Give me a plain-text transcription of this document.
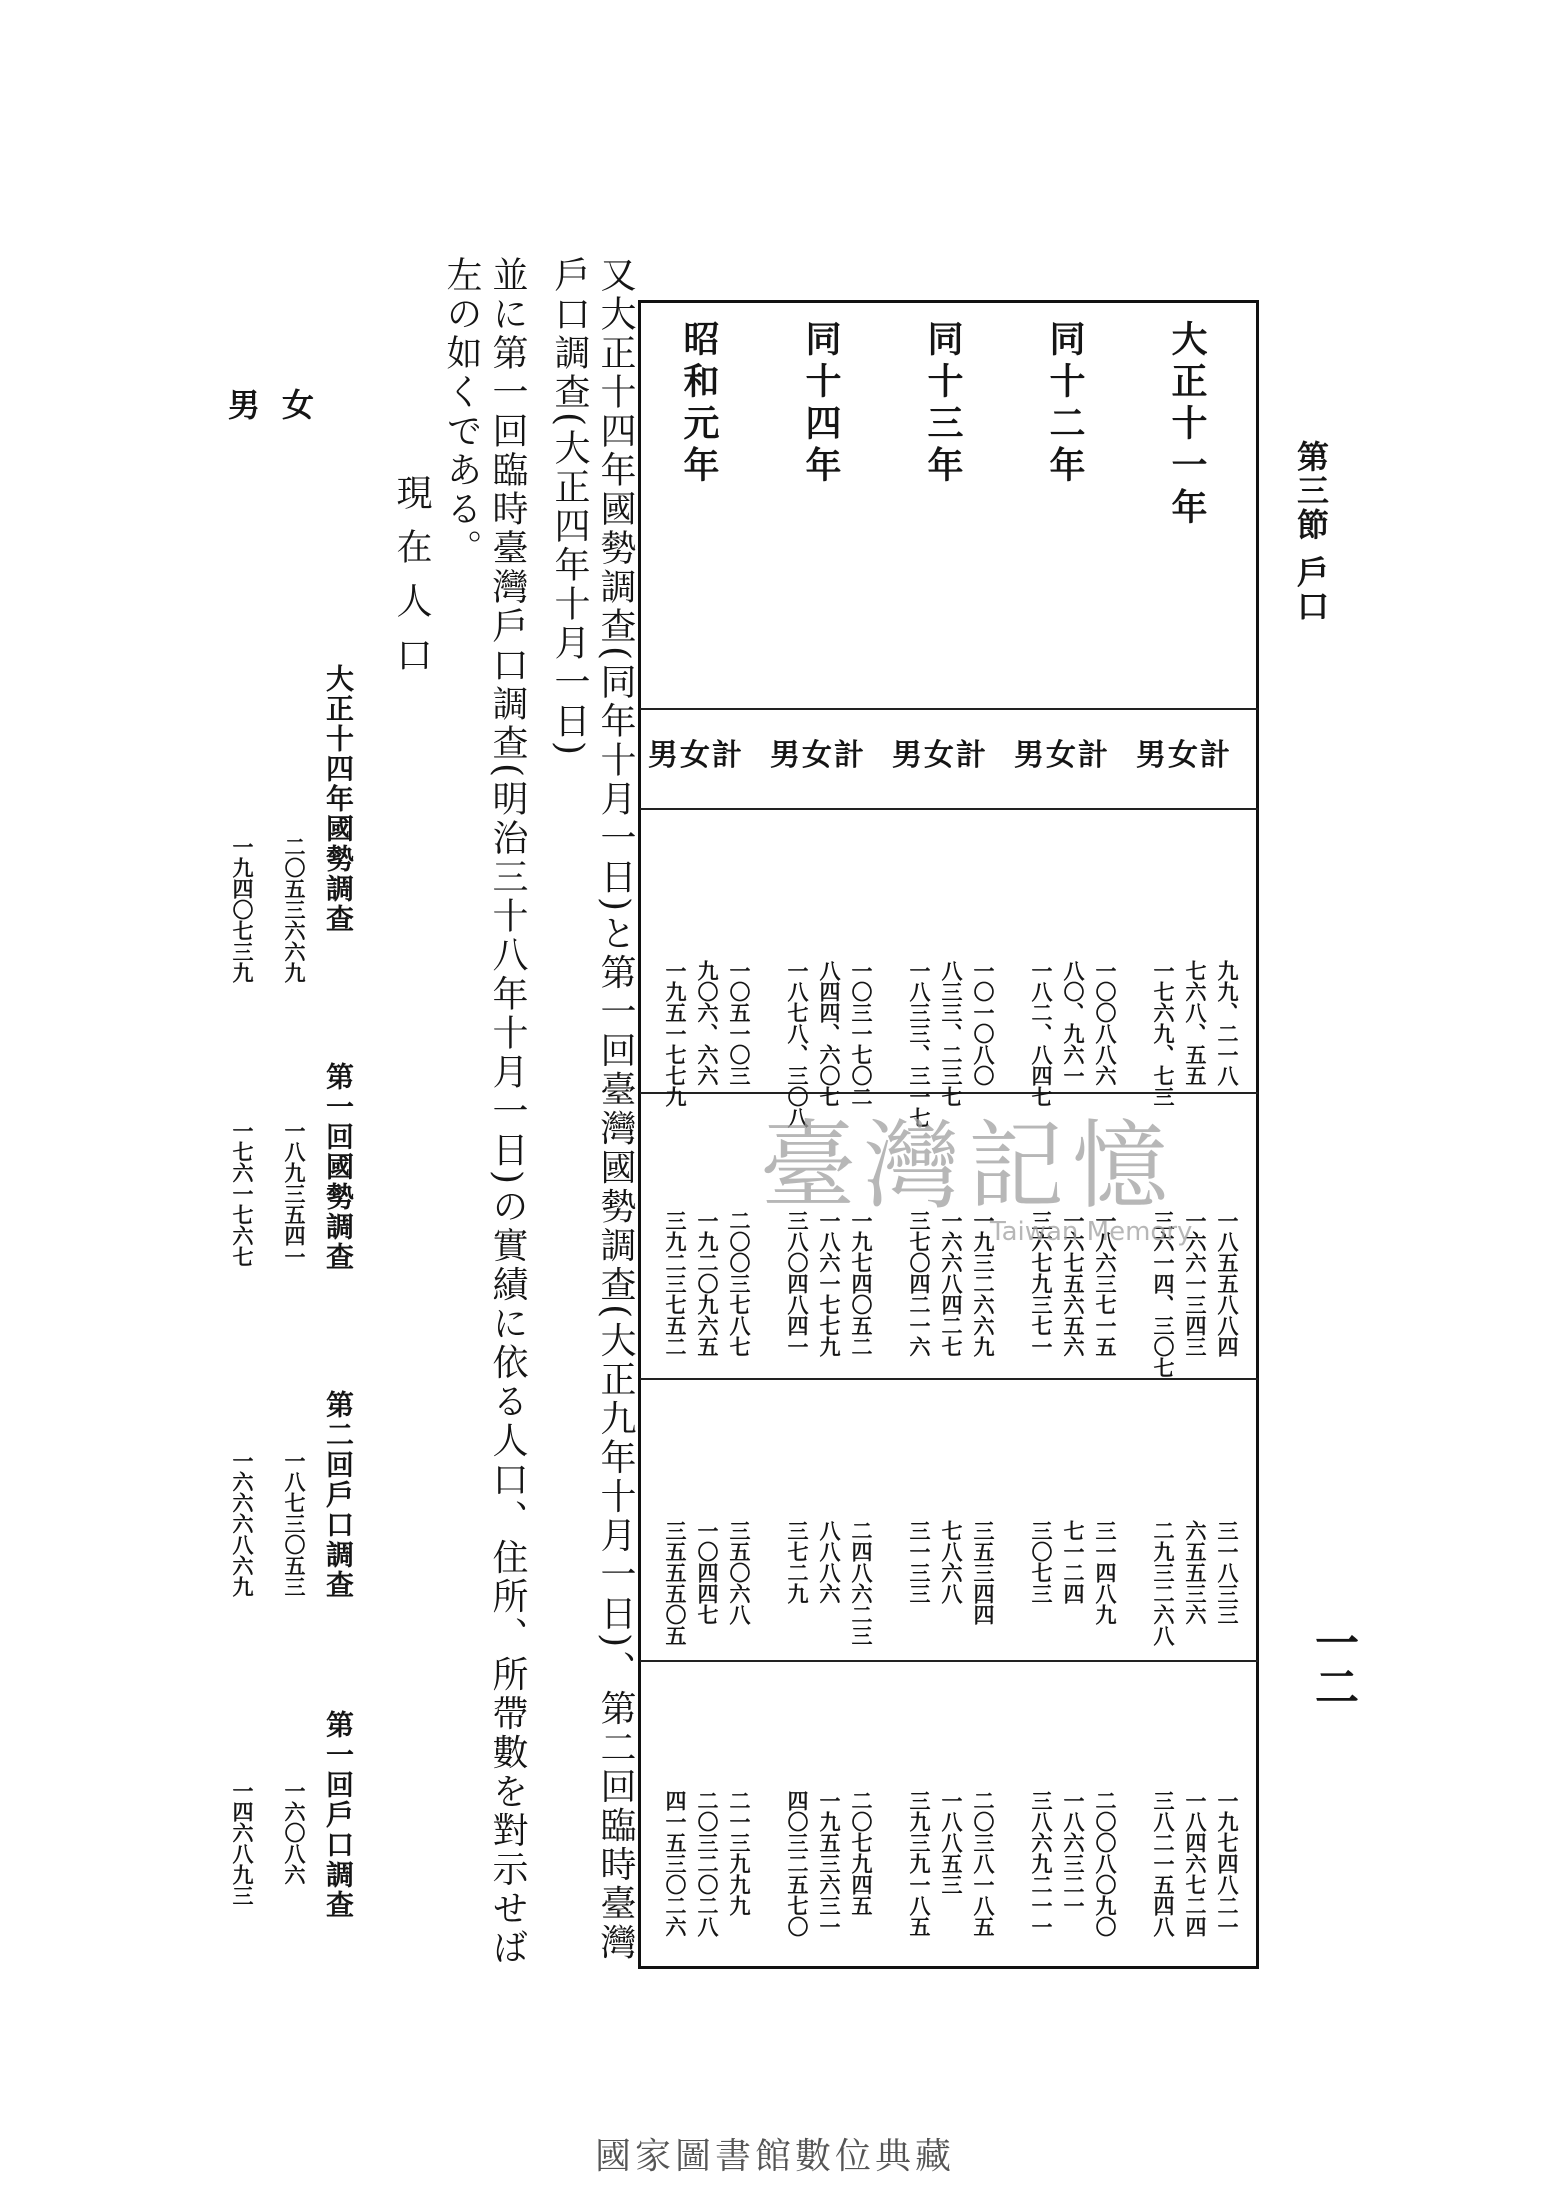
第三節 戶口
一二
大正十一年
同十二年
同十三年
同十四年
昭和元年
男女計
男女計
男女計
男女計
男女計
九九、二一八
七六八、五五
一七六九、七三
一〇〇八八六
八〇、九六一
一八二、八四七
一〇一〇八〇
八三三、二三七
一八三三、三一七
一〇三一七〇二
八四四、六〇七
一八七八、三〇八
一〇五一〇三
九〇六、六六
一九五一七七九
一八五五八八四
一六六一三四三
三六一四、三〇七
一八六三七一五
一六七五六五六
三六七九三七一
一九三二六六九
一六六八四二七
三七〇四二一六
一九七四〇五二
一八六一七七九
三八〇四八四一
二〇〇三七八七
一九二〇九六五
三九二三七五二
三一八三三
六五五三六
二九三二六八
三一四八九
七一二四
三〇七三
三五三四四
七八六八
三一三三
二四八六二三
八八八六
三七二九
三五〇六八
一〇四四七
三五五五〇五
一九七四八二一
一八四六七二四
三八二一五四八
二〇〇八〇九〇
一八六三二一
三八六九二一一
二〇三八一八五
一八八五三
三九三九一八五
二〇七九四五
一九五三六三一
四〇三二五七〇
二一三九九九
二〇三二〇二八
四一五三〇二六
臺灣記憶
Taiwan Memory
又大正十四年國勢調查(同年十月一日)と第一回臺灣國勢調查(大正九年十月一日)、第二回臨時臺灣戶口調查(大正四年十月一日)
並に第一回臨時臺灣戶口調查(明治三十八年十月一日)の實績に依る人口、住所、所帶數を對示せば左の如くである。
現在人口
大正十四年國勢調查
二〇五三六六九
一九四〇七三九
第一回國勢調查
一八九三五四一
一七六一七六七
第二回戶口調查
一八七三〇五三
一六六六八六九
第一回戶口調查
一六〇八六
一四六八九三
男女
國家圖書館數位典藏
